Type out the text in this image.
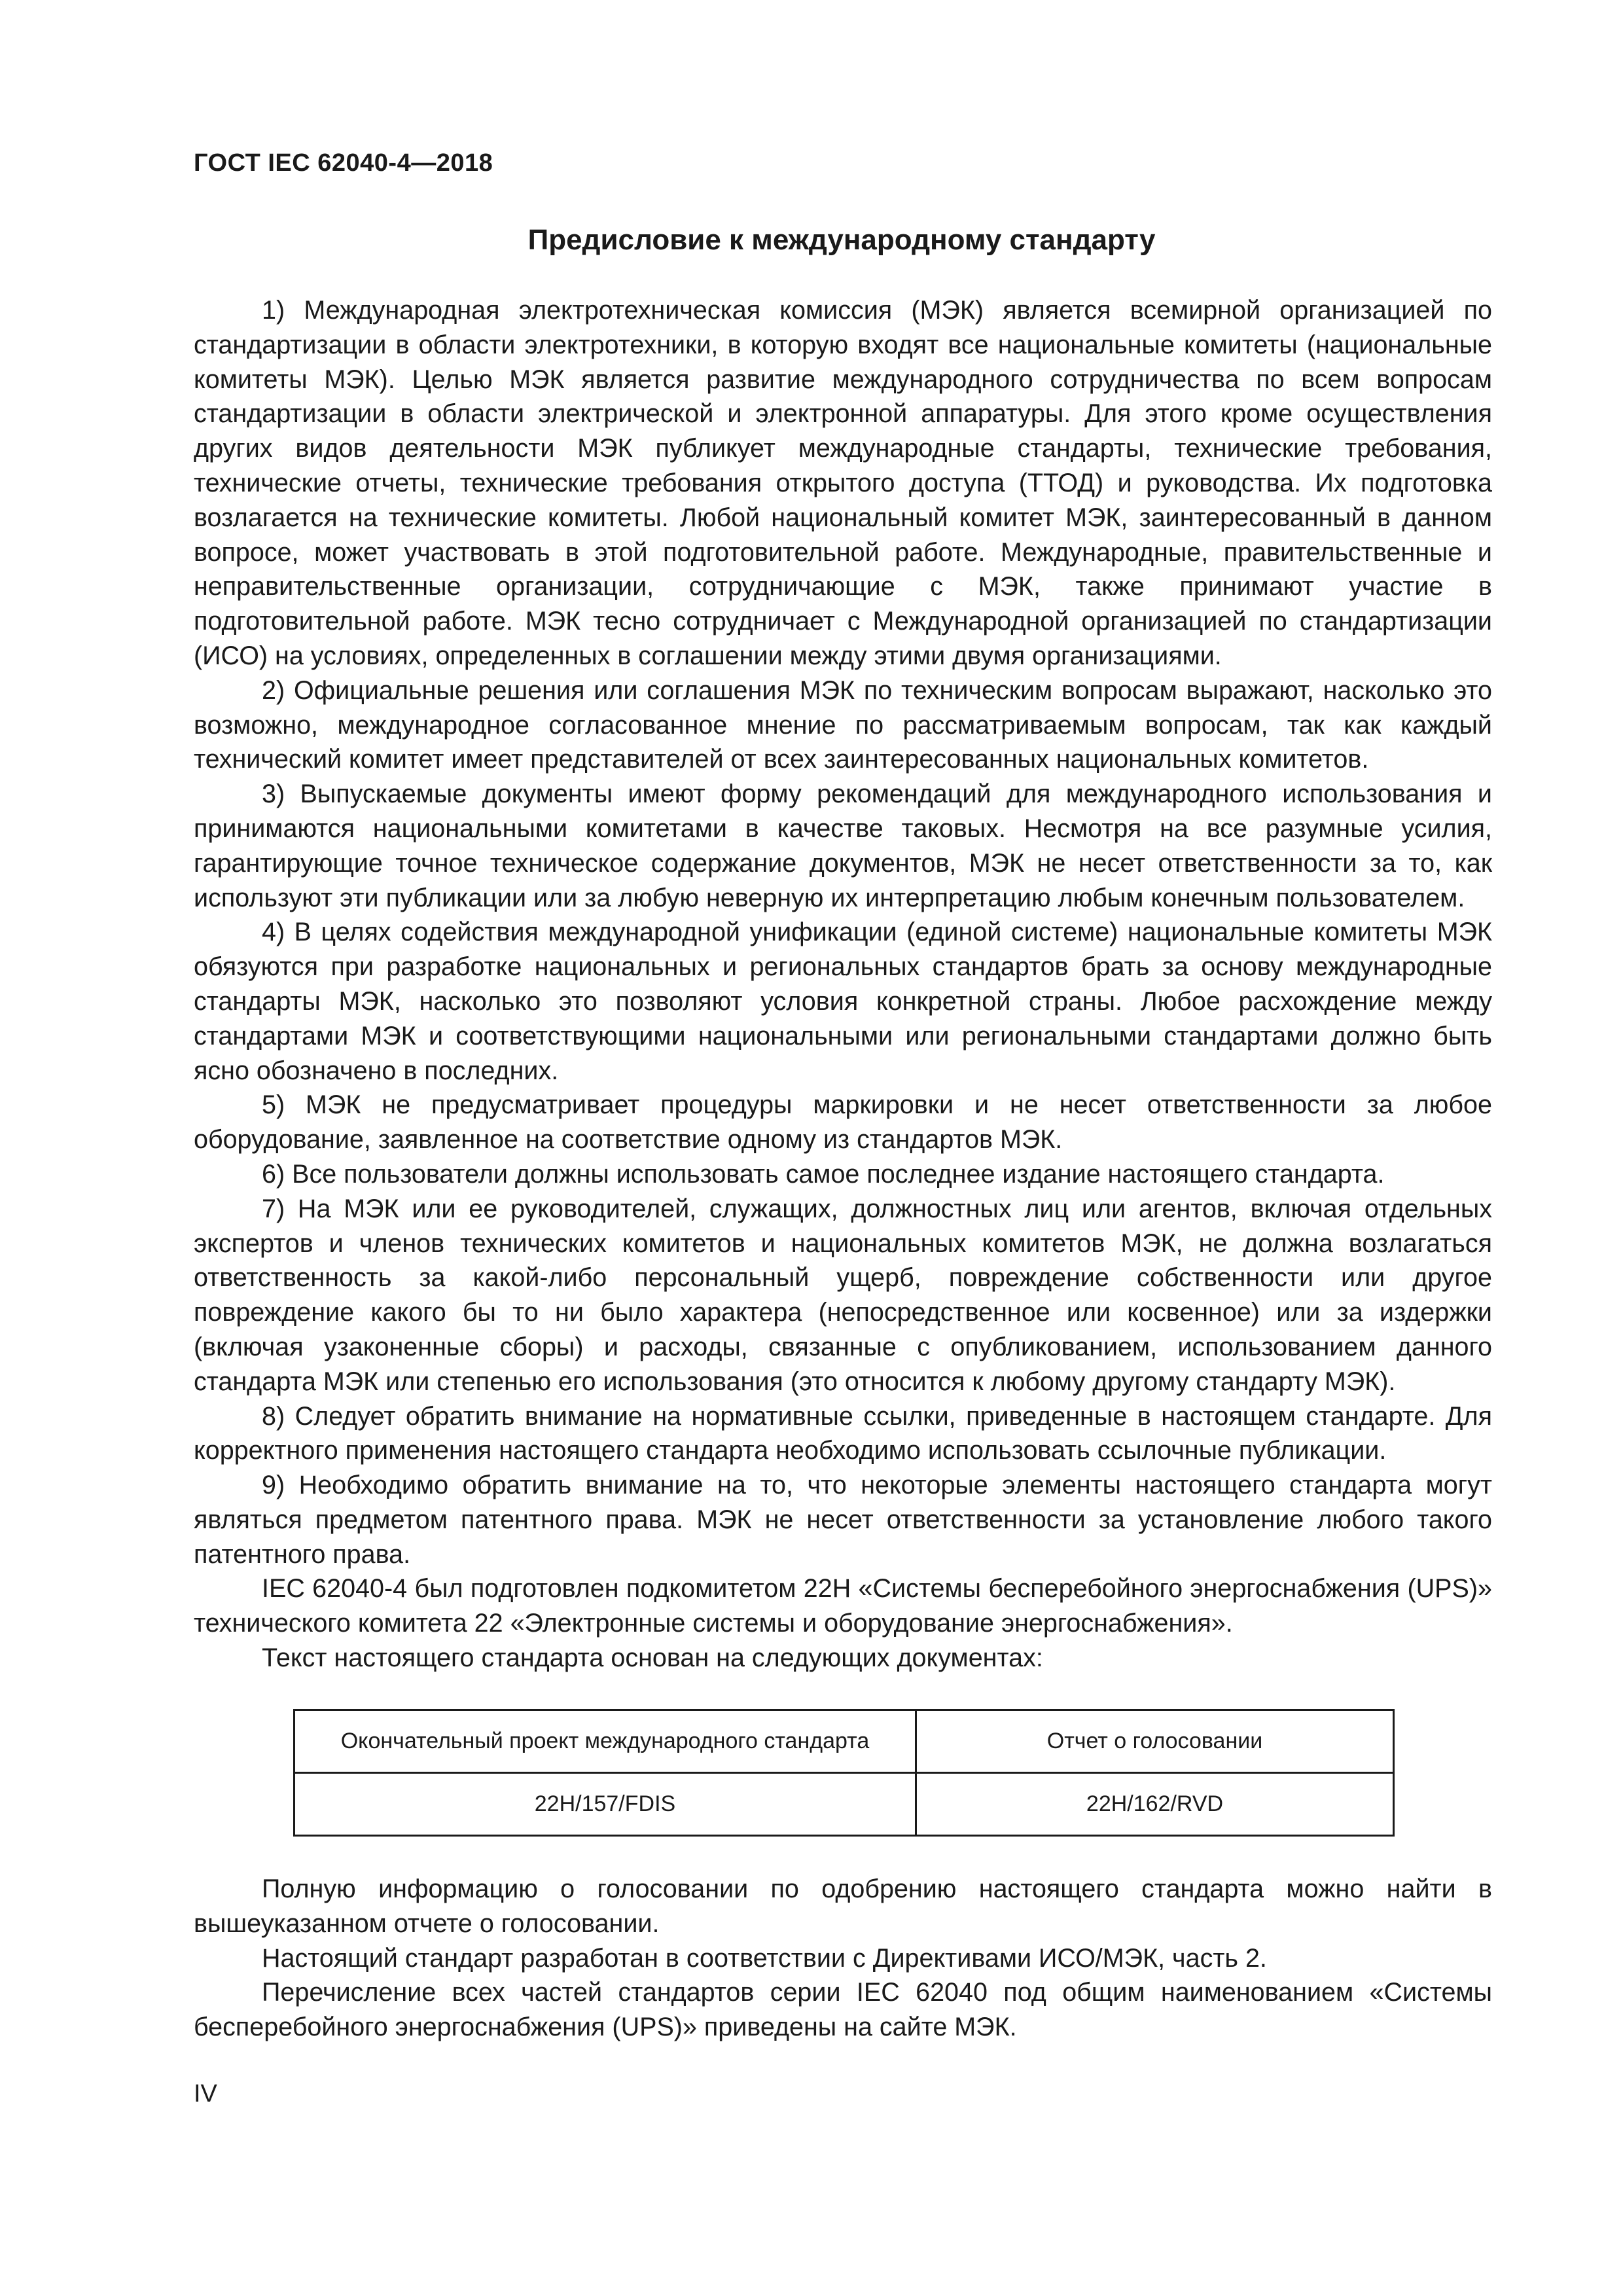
ГОСТ IEC 62040-4—2018
Предисловие к международному стандарту

1) Международная электротехническая комиссия (МЭК) является всемирной организацией по стандартизации в области электротехники, в которую входят все национальные комитеты (национальные комитеты МЭК). Целью МЭК является развитие международного сотрудничества по всем вопросам стандартизации в области электрической и электронной аппаратуры. Для этого кроме осуществления других видов деятельности МЭК публикует международные стандарты, технические требования, технические отчеты, технические требования открытого доступа (ТТОД) и руководства. Их подготовка возлагается на технические комитеты. Любой национальный комитет МЭК, заинтересованный в данном вопросе, может участвовать в этой подготовительной работе. Международные, правительственные и неправительственные организации, сотрудничающие с МЭК, также принимают участие в подготовительной работе. МЭК тесно сотрудничает с Международной организацией по стандартизации (ИСО) на условиях, определенных в соглашении между этими двумя организациями.

2) Официальные решения или соглашения МЭК по техническим вопросам выражают, насколько это возможно, международное согласованное мнение по рассматриваемым вопросам, так как каждый технический комитет имеет представителей от всех заинтересованных национальных комитетов.

3) Выпускаемые документы имеют форму рекомендаций для международного использования и принимаются национальными комитетами в качестве таковых. Несмотря на все разумные усилия, гарантирующие точное техническое содержание документов, МЭК не несет ответственности за то, как используют эти публикации или за любую неверную их интерпретацию любым конечным пользователем.

4) В целях содействия международной унификации (единой системе) национальные комитеты МЭК обязуются при разработке национальных и региональных стандартов брать за основу международные стандарты МЭК, насколько это позволяют условия конкретной страны. Любое расхождение между стандартами МЭК и соответствующими национальными или региональными стандартами должно быть ясно обозначено в последних.

5) МЭК не предусматривает процедуры маркировки и не несет ответственности за любое оборудование, заявленное на соответствие одному из стандартов МЭК.

6) Все пользователи должны использовать самое последнее издание настоящего стандарта.

7) На МЭК или ее руководителей, служащих, должностных лиц или агентов, включая отдельных экспертов и членов технических комитетов и национальных комитетов МЭК, не должна возлагаться ответственность за какой-либо персональный ущерб, повреждение собственности или другое повреждение какого бы то ни было характера (непосредственное или косвенное) или за издержки (включая узаконенные сборы) и расходы, связанные с опубликованием, использованием данного стандарта МЭК или степенью его использования (это относится к любому другому стандарту МЭК).

8) Следует обратить внимание на нормативные ссылки, приведенные в настоящем стандарте. Для корректного применения настоящего стандарта необходимо использовать ссылочные публикации.

9) Необходимо обратить внимание на то, что некоторые элементы настоящего стандарта могут являться предметом патентного права. МЭК не несет ответственности за установление любого такого патентного права.

IEC 62040-4 был подготовлен подкомитетом 22H «Системы бесперебойного энергоснабжения (UPS)» технического комитета 22 «Электронные системы и оборудование энергоснабжения».

Текст настоящего стандарта основан на следующих документах:

Окончательный проект международного стандарта	Отчет о голосовании
22H/157/FDIS	22H/162/RVD

Полную информацию о голосовании по одобрению настоящего стандарта можно найти в вышеуказанном отчете о голосовании.

Настоящий стандарт разработан в соответствии с Директивами ИСО/МЭК, часть 2.

Перечисление всех частей стандартов серии IEC 62040 под общим наименованием «Системы бесперебойного энергоснабжения (UPS)» приведены на сайте МЭК.

IV
